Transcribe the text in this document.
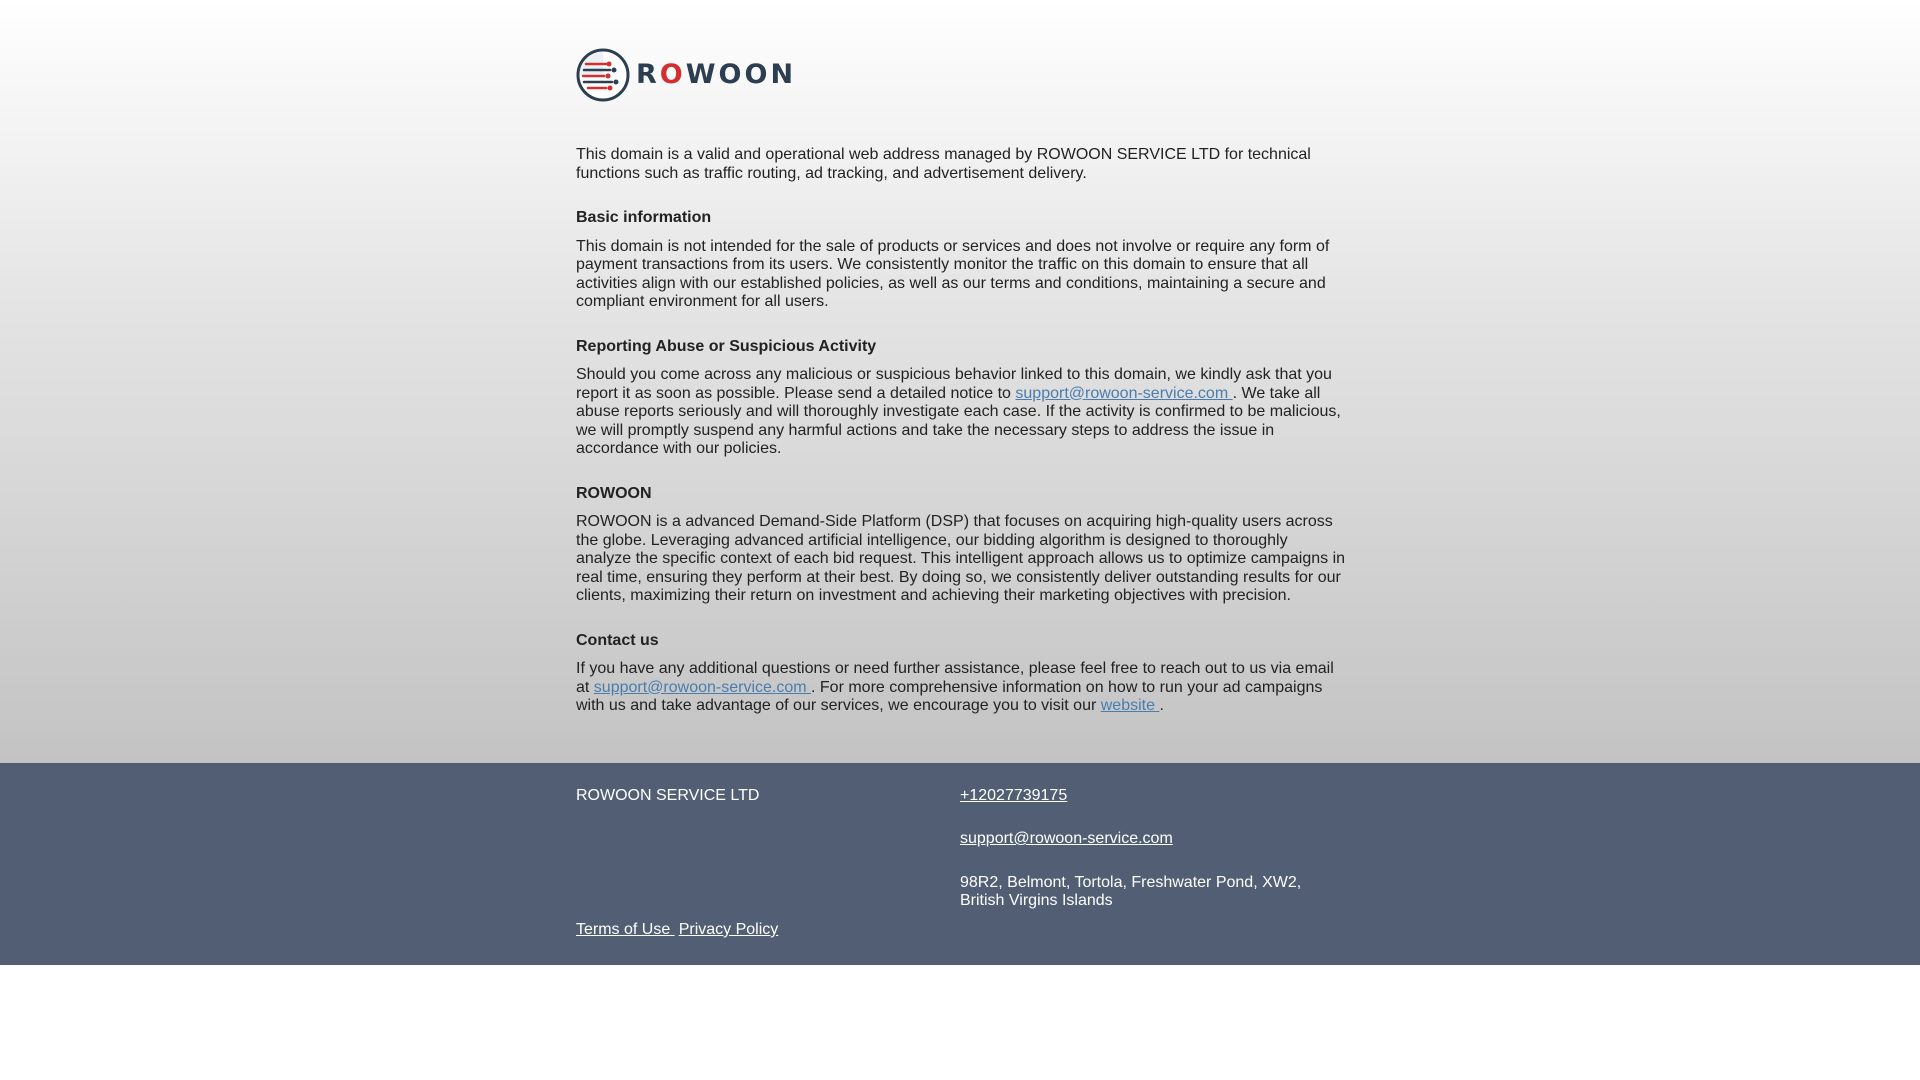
ROWOON

This domain is a valid and operational web address managed by ROWOON SERVICE LTD for technical functions such as traffic routing, ad tracking, and advertisement delivery.

Basic information

This domain is not intended for the sale of products or services and does not involve or require any form of payment transactions from its users. We consistently monitor the traffic on this domain to ensure that all activities align with our established policies, as well as our terms and conditions, maintaining a secure and compliant environment for all users.

Reporting Abuse or Suspicious Activity

Should you come across any malicious or suspicious behavior linked to this domain, we kindly ask that you report it as soon as possible. Please send a detailed notice to support@rowoon-service.com . We take all abuse reports seriously and will thoroughly investigate each case. If the activity is confirmed to be malicious, we will promptly suspend any harmful actions and take the necessary steps to address the issue in accordance with our policies.

ROWOON

ROWOON is a advanced Demand-Side Platform (DSP) that focuses on acquiring high-quality users across the globe. Leveraging advanced artificial intelligence, our bidding algorithm is designed to thoroughly analyze the specific context of each bid request. This intelligent approach allows us to optimize campaigns in real time, ensuring they perform at their best. By doing so, we consistently deliver outstanding results for our clients, maximizing their return on investment and achieving their marketing objectives with precision.

Contact us

If you have any additional questions or need further assistance, please feel free to reach out to us via email at support@rowoon-service.com . For more comprehensive information on how to run your ad campaigns with us and take advantage of our services, we encourage you to visit our website .

ROWOON SERVICE LTD
Terms of Use Privacy Policy
+12027739175
support@rowoon-service.com
98R2, Belmont, Tortola, Freshwater Pond, XW2, British Virgins Islands
